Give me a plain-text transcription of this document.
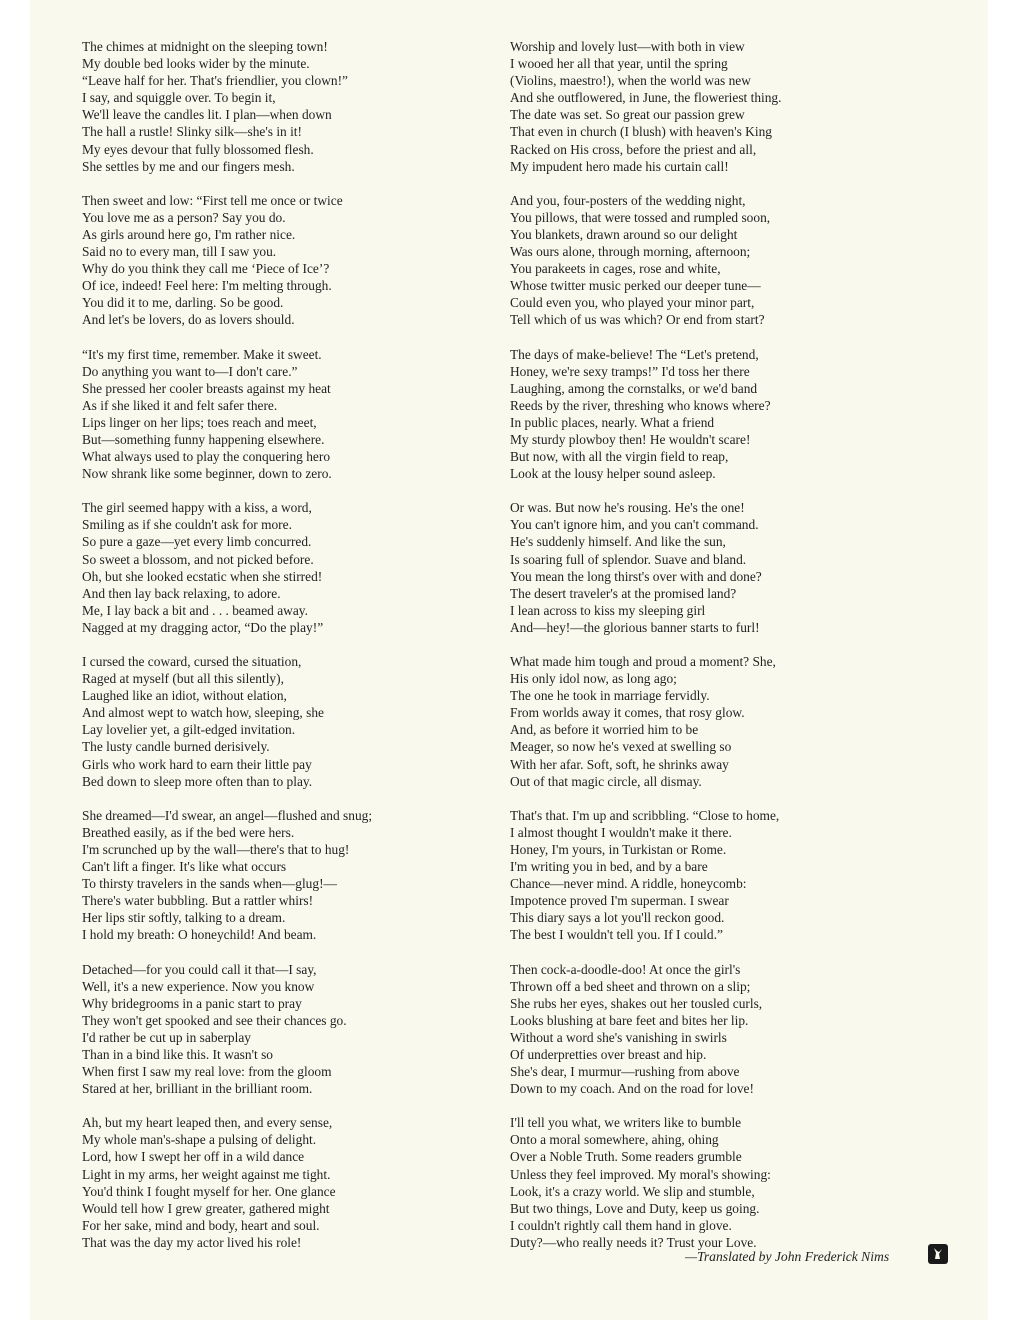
The chimes at midnight on the sleeping town!
My double bed looks wider by the minute.
“Leave half for her. That's friendlier, you clown!”
I say, and squiggle over. To begin it,
We'll leave the candles lit. I plan—when down
The hall a rustle! Slinky silk—she's in it!
My eyes devour that fully blossomed flesh.
She settles by me and our fingers mesh.
Then sweet and low: “First tell me once or twice
You love me as a person? Say you do.
As girls around here go, I'm rather nice.
Said no to every man, till I saw you.
Why do you think they call me ‘Piece of Ice’?
Of ice, indeed! Feel here: I'm melting through.
You did it to me, darling. So be good.
And let's be lovers, do as lovers should.
“It's my first time, remember. Make it sweet.
Do anything you want to—I don't care.”
She pressed her cooler breasts against my heat
As if she liked it and felt safer there.
Lips linger on her lips; toes reach and meet,
But—something funny happening elsewhere.
What always used to play the conquering hero
Now shrank like some beginner, down to zero.
The girl seemed happy with a kiss, a word,
Smiling as if she couldn't ask for more.
So pure a gaze—yet every limb concurred.
So sweet a blossom, and not picked before.
Oh, but she looked ecstatic when she stirred!
And then lay back relaxing, to adore.
Me, I lay back a bit and . . . beamed away.
Nagged at my dragging actor, “Do the play!”
I cursed the coward, cursed the situation,
Raged at myself (but all this silently),
Laughed like an idiot, without elation,
And almost wept to watch how, sleeping, she
Lay lovelier yet, a gilt-edged invitation.
The lusty candle burned derisively.
Girls who work hard to earn their little pay
Bed down to sleep more often than to play.
She dreamed—I'd swear, an angel—flushed and snug;
Breathed easily, as if the bed were hers.
I'm scrunched up by the wall—there's that to hug!
Can't lift a finger. It's like what occurs
To thirsty travelers in the sands when—glug!—
There's water bubbling. But a rattler whirs!
Her lips stir softly, talking to a dream.
I hold my breath: O honeychild! And beam.
Detached—for you could call it that—I say,
Well, it's a new experience. Now you know
Why bridegrooms in a panic start to pray
They won't get spooked and see their chances go.
I'd rather be cut up in saberplay
Than in a bind like this. It wasn't so
When first I saw my real love: from the gloom
Stared at her, brilliant in the brilliant room.
Ah, but my heart leaped then, and every sense,
My whole man's-shape a pulsing of delight.
Lord, how I swept her off in a wild dance
Light in my arms, her weight against me tight.
You'd think I fought myself for her. One glance
Would tell how I grew greater, gathered might
For her sake, mind and body, heart and soul.
That was the day my actor lived his role!
Worship and lovely lust—with both in view
I wooed her all that year, until the spring
(Violins, maestro!), when the world was new
And she outflowered, in June, the floweriest thing.
The date was set. So great our passion grew
That even in church (I blush) with heaven's King
Racked on His cross, before the priest and all,
My impudent hero made his curtain call!
And you, four-posters of the wedding night,
You pillows, that were tossed and rumpled soon,
You blankets, drawn around so our delight
Was ours alone, through morning, afternoon;
You parakeets in cages, rose and white,
Whose twitter music perked our deeper tune—
Could even you, who played your minor part,
Tell which of us was which? Or end from start?
The days of make-believe! The “Let's pretend,
Honey, we're sexy tramps!” I'd toss her there
Laughing, among the cornstalks, or we'd band
Reeds by the river, threshing who knows where?
In public places, nearly. What a friend
My sturdy plowboy then! He wouldn't scare!
But now, with all the virgin field to reap,
Look at the lousy helper sound asleep.
Or was. But now he's rousing. He's the one!
You can't ignore him, and you can't command.
He's suddenly himself. And like the sun,
Is soaring full of splendor. Suave and bland.
You mean the long thirst's over with and done?
The desert traveler's at the promised land?
I lean across to kiss my sleeping girl
And—hey!—the glorious banner starts to furl!
What made him tough and proud a moment? She,
His only idol now, as long ago;
The one he took in marriage fervidly.
From worlds away it comes, that rosy glow.
And, as before it worried him to be
Meager, so now he's vexed at swelling so
With her afar. Soft, soft, he shrinks away
Out of that magic circle, all dismay.
That's that. I'm up and scribbling. “Close to home,
I almost thought I wouldn't make it there.
Honey, I'm yours, in Turkistan or Rome.
I'm writing you in bed, and by a bare
Chance—never mind. A riddle, honeycomb:
Impotence proved I'm superman. I swear
This diary says a lot you'll reckon good.
The best I wouldn't tell you. If I could.”
Then cock-a-doodle-doo! At once the girl's
Thrown off a bed sheet and thrown on a slip;
She rubs her eyes, shakes out her tousled curls,
Looks blushing at bare feet and bites her lip.
Without a word she's vanishing in swirls
Of underpretties over breast and hip.
She's dear, I murmur—rushing from above
Down to my coach. And on the road for love!
I'll tell you what, we writers like to bumble
Onto a moral somewhere, ahing, ohing
Over a Noble Truth. Some readers grumble
Unless they feel improved. My moral's showing:
Look, it's a crazy world. We slip and stumble,
But two things, Love and Duty, keep us going.
I couldn't rightly call them hand in glove.
Duty?—who really needs it? Trust your Love.
—Translated by John Frederick Nims
